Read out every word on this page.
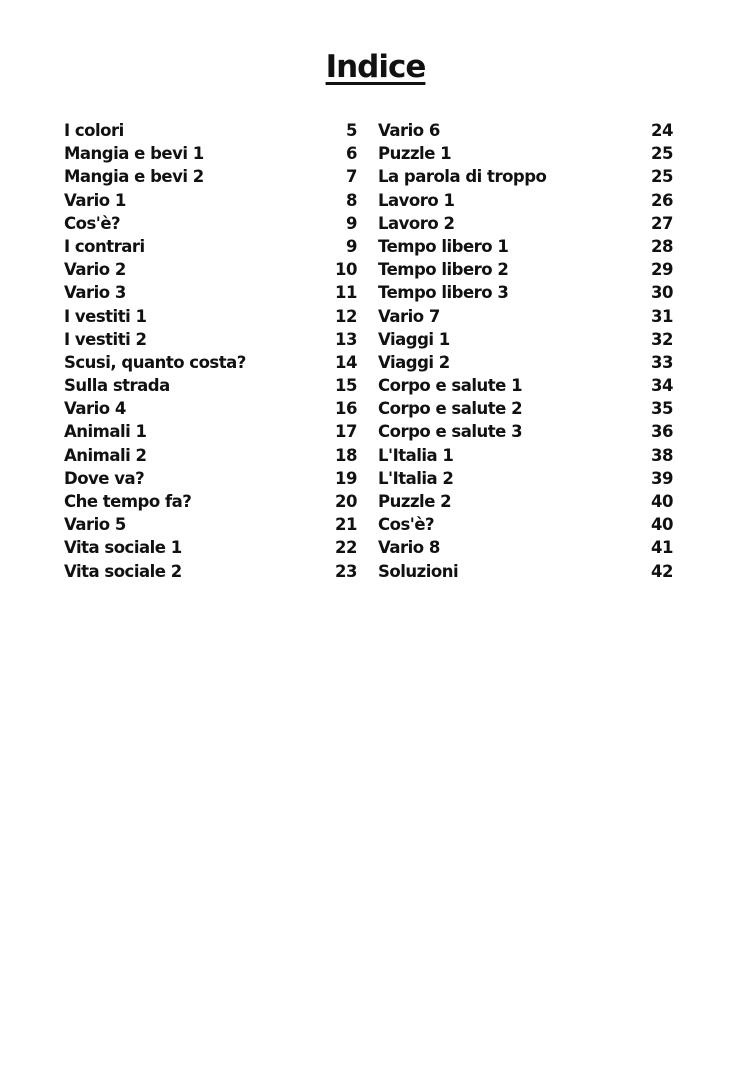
Indice
I colori	5
Mangia e bevi 1	6
Mangia e bevi 2	7
Vario 1	8
Cos'è?	9
I contrari	9
Vario 2	10
Vario 3	11
I vestiti 1	12
I vestiti 2	13
Scusi, quanto costa?	14
Sulla strada	15
Vario 4	16
Animali 1	17
Animali 2	18
Dove va?	19
Che tempo fa?	20
Vario 5	21
Vita sociale 1	22
Vita sociale 2	23
Vario 6	24
Puzzle 1	25
La parola di troppo	25
Lavoro 1	26
Lavoro 2	27
Tempo libero 1	28
Tempo libero 2	29
Tempo libero 3	30
Vario 7	31
Viaggi 1	32
Viaggi 2	33
Corpo e salute 1	34
Corpo e salute 2	35
Corpo e salute 3	36
L'Italia 1	38
L'Italia 2	39
Puzzle 2	40
Cos'è?	40
Vario 8	41
Soluzioni	42
